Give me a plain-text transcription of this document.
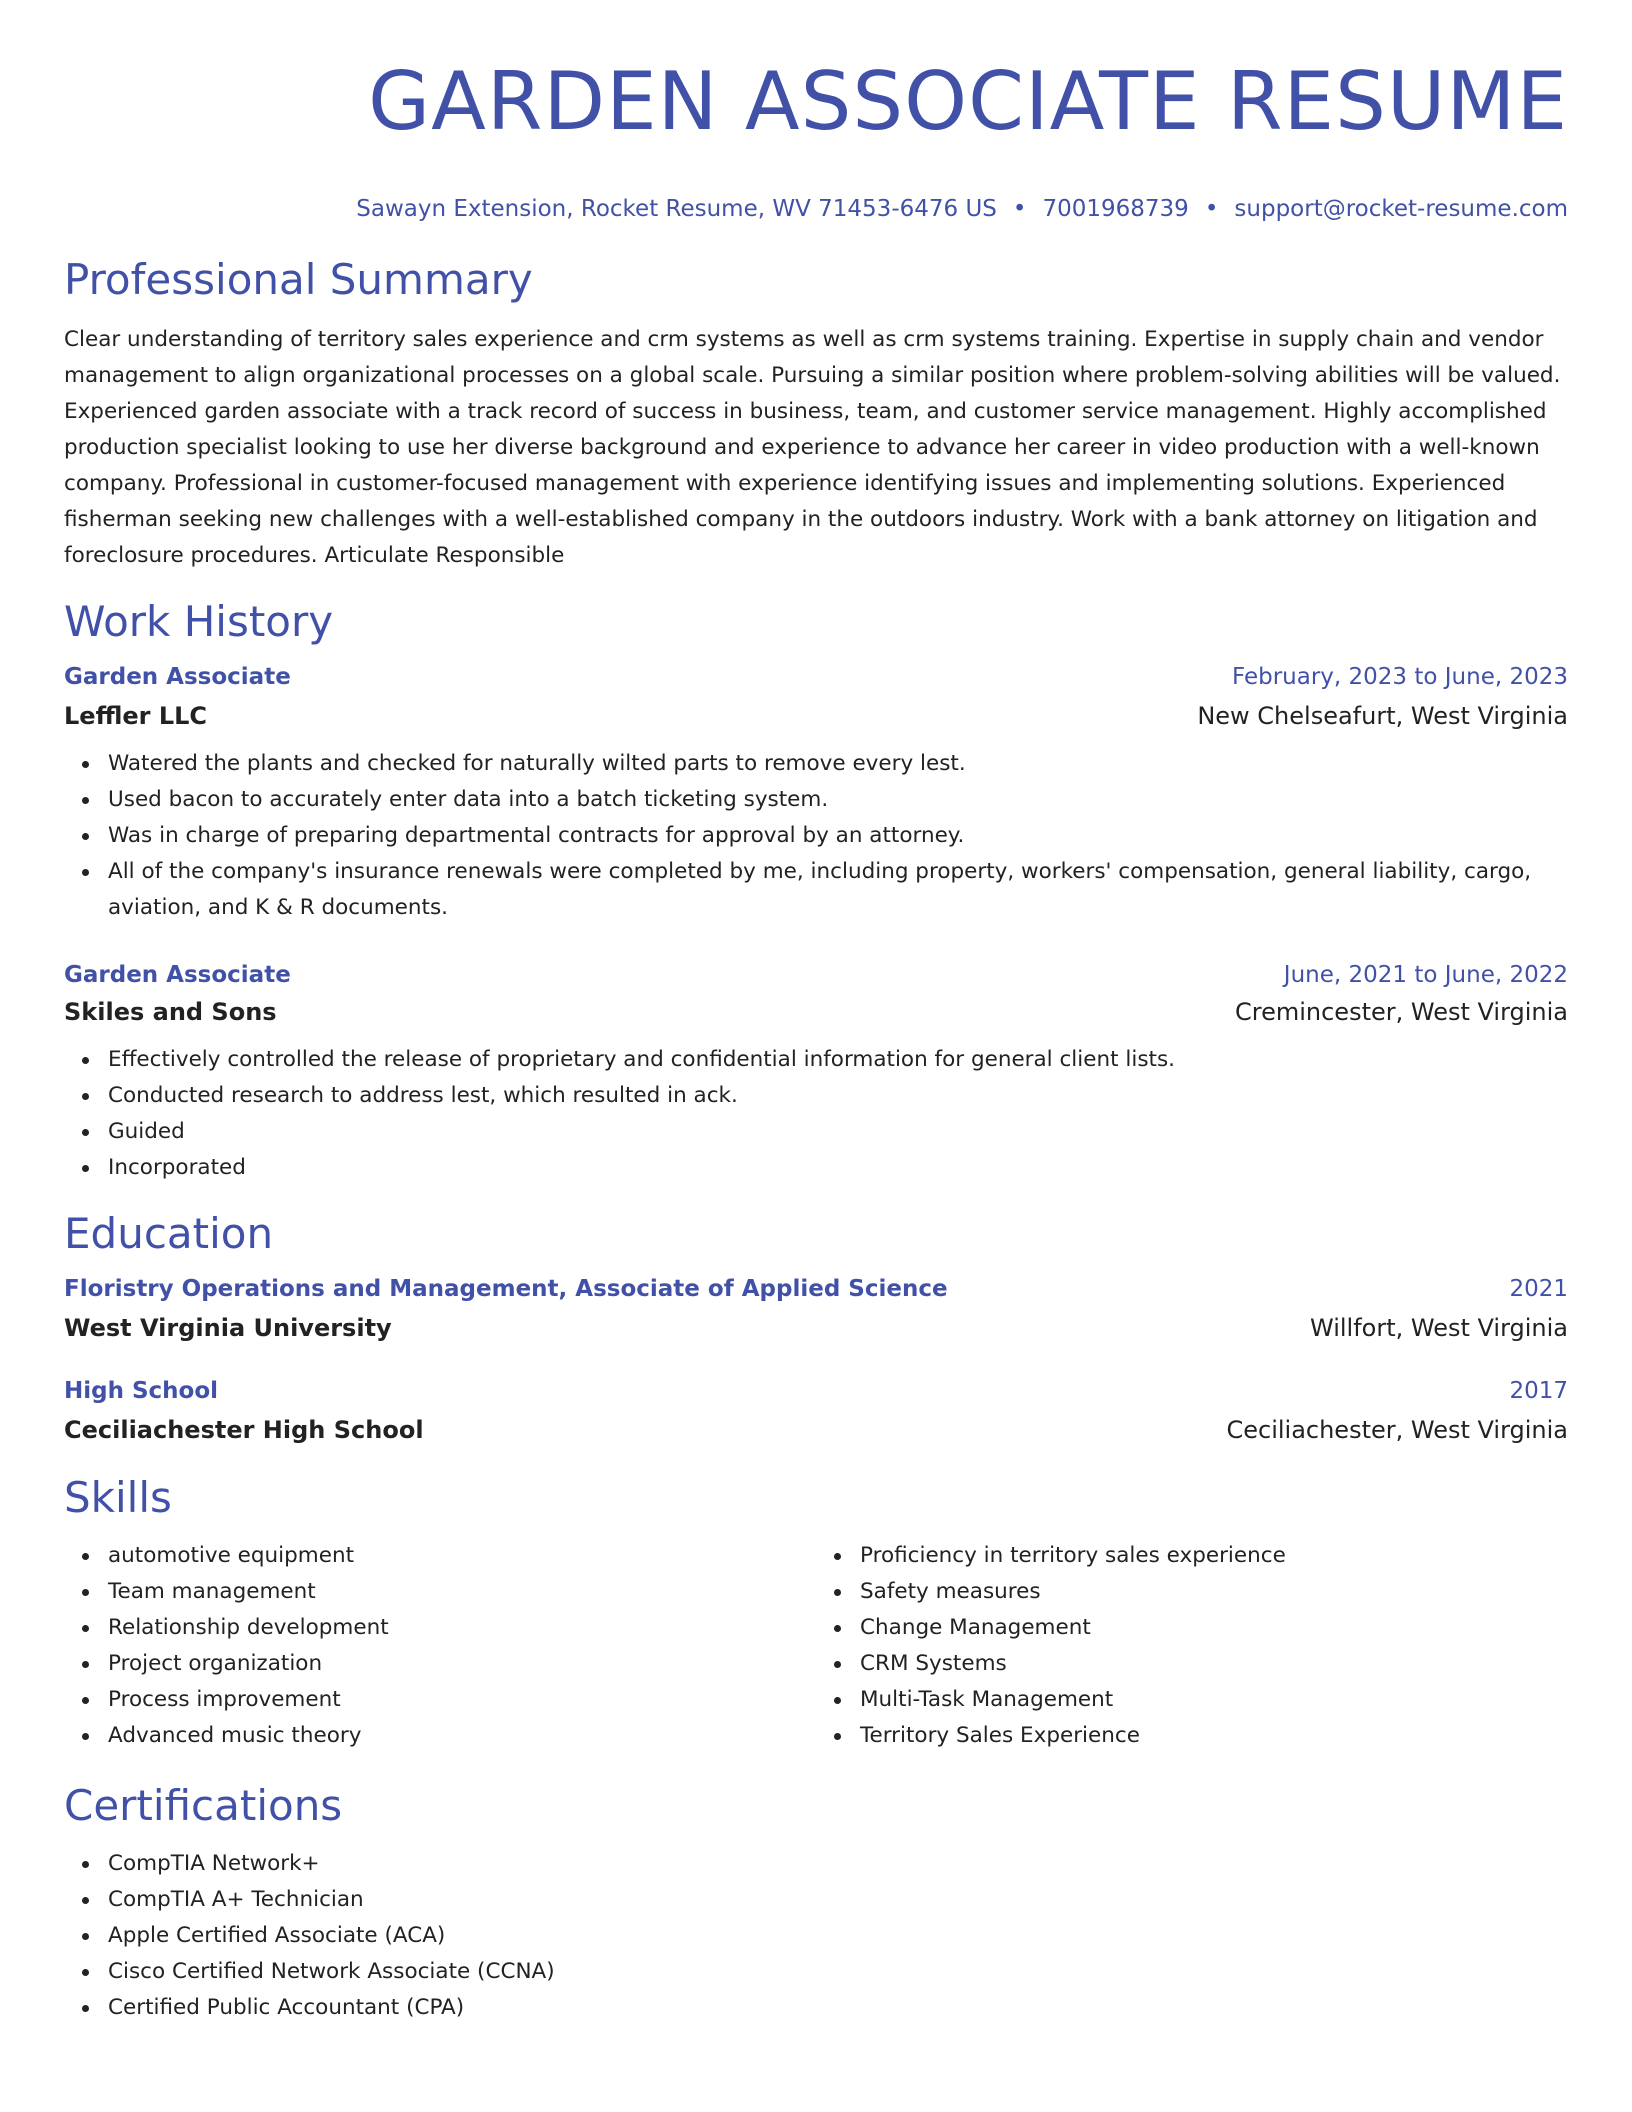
GARDEN ASSOCIATE RESUME
Sawayn Extension, Rocket Resume, WV 71453-6476 US • 7001968739 • support@rocket-resume.com
Professional Summary

Clear understanding of territory sales experience and crm systems as well as crm systems training. Expertise in supply chain and vendor management to align organizational processes on a global scale. Pursuing a similar position where problem-solving abilities will be valued. Experienced garden associate with a track record of success in business, team, and customer service management. Highly accomplished production specialist looking to use her diverse background and experience to advance her career in video production with a well-known company. Professional in customer-focused management with experience identifying issues and implementing solutions. Experienced fisherman seeking new challenges with a well-established company in the outdoors industry. Work with a bank attorney on litigation and foreclosure procedures. Articulate Responsible

Work History
Garden Associate	February, 2023 to June, 2023
Leffler LLC	New Chelseafurt, West Virginia
Watered the plants and checked for naturally wilted parts to remove every lest.
Used bacon to accurately enter data into a batch ticketing system.
Was in charge of preparing departmental contracts for approval by an attorney.
All of the company's insurance renewals were completed by me, including property, workers' compensation, general liability, cargo, aviation, and K & R documents.
Garden Associate	June, 2021 to June, 2022
Skiles and Sons	Cremincester, West Virginia
Effectively controlled the release of proprietary and confidential information for general client lists.
Conducted research to address lest, which resulted in ack.
Guided
Incorporated
Education
Floristry Operations and Management, Associate of Applied Science	2021
West Virginia University	Willfort, West Virginia
High School	2017
Ceciliachester High School	Ceciliachester, West Virginia
Skills
automotive equipment
Team management
Relationship development
Project organization
Process improvement
Advanced music theory
Proficiency in territory sales experience
Safety measures
Change Management
CRM Systems
Multi-Task Management
Territory Sales Experience
Certifications
CompTIA Network+
CompTIA A+ Technician
Apple Certified Associate (ACA)
Cisco Certified Network Associate (CCNA)
Certified Public Accountant (CPA)
